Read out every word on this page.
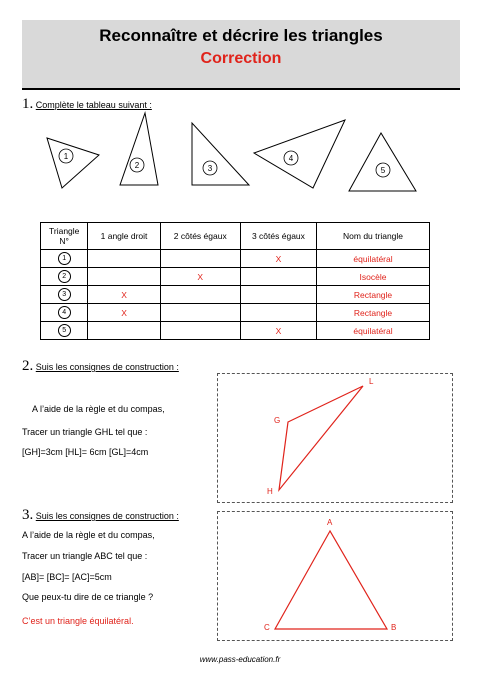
Reconnaître et décrire les triangles
Correction
1. Complète le tableau suivant :
1
2	3
4
5
Triangle N°	1 angle droit	2 côtés égaux	3 côtés égaux	Nom du triangle
1			X	équilatéral
2		X		Isocèle
3	X			Rectangle
4	X			Rectangle
5			X	équilatéral
2. Suis les consignes de construction :
A l’aide de la règle et du compas,
Tracer un triangle GHL tel que :
[GH]=3cm [HL]= 6cm [GL]=4cm
G
L
H
3. Suis les consignes de construction :
A l’aide de la règle et du compas,
Tracer un triangle ABC tel que :
[AB]= [BC]= [AC]=5cm
Que peux-tu dire de ce triangle ?
C’est un triangle équilatéral.
A
C	B
www.pass-education.fr
